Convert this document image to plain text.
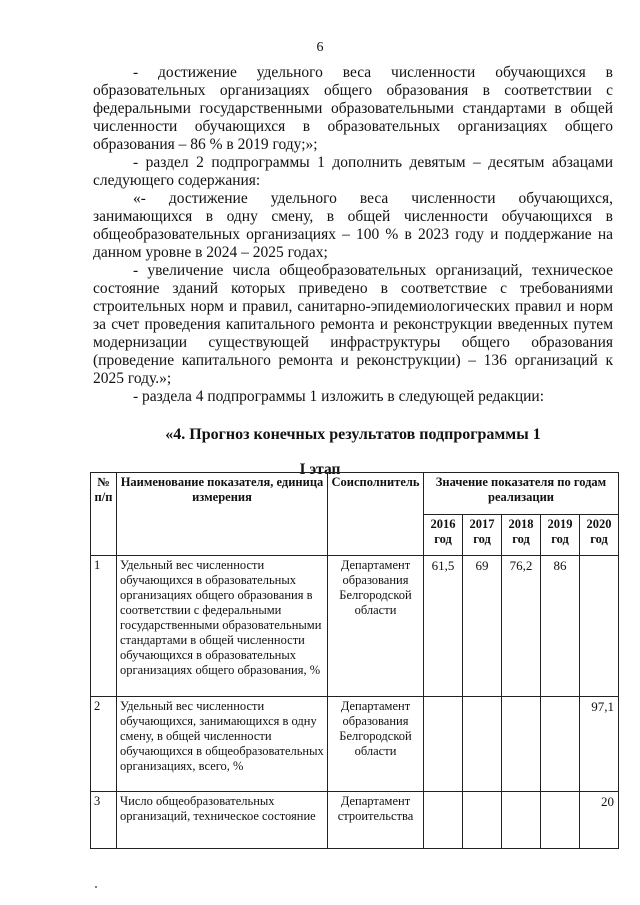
6

- достижение удельного веса численности обучающихся в образовательных организациях общего образования в соответствии с федеральными государственными образовательными стандартами в общей численности обучающихся в образовательных организациях общего образования – 86 % в 2019 году;»;

- раздел 2 подпрограммы 1 дополнить девятым – десятым абзацами следующего содержания:

«- достижение удельного веса численности обучающихся, занимающихся в одну смену, в общей численности обучающихся в общеобразовательных организациях – 100 % в 2023 году и поддержание на данном уровне в 2024 – 2025 годах;

- увеличение числа общеобразовательных организаций, техническое состояние зданий которых приведено в соответствие с требованиями строительных норм и правил, санитарно-эпидемиологических правил и норм за счет проведения капитального ремонта и реконструкции введенных путем модернизации существующей инфраструктуры общего образования (проведение капитального ремонта и реконструкции) – 136 организаций к 2025 году.»;

- раздела 4 подпрограммы 1 изложить в следующей редакции:

«4. Прогноз конечных результатов подпрограммы 1
I этап
№ п/п	Наименование показателя, единица измерения	Соисполнитель	Значение показателя по годам реализации				
			2016 год	2017 год	2018 год	2019 год	2020 год
1	Удельный вес численности обучающихся в образовательных организациях общего образования в соответствии с федеральными государственными образовательными стандартами в общей численности обучающихся в образовательных организациях общего образования, %	Департамент образования Белгородской области	61,5	69	76,2	86	
2	Удельный вес численности обучающихся, занимающихся в одну смену, в общей численности обучающихся в общеобразовательных организациях, всего, %	Департамент образования Белгородской области					97,1
3	Число общеобразовательных организаций, техническое состояние	Департамент строительства					20
